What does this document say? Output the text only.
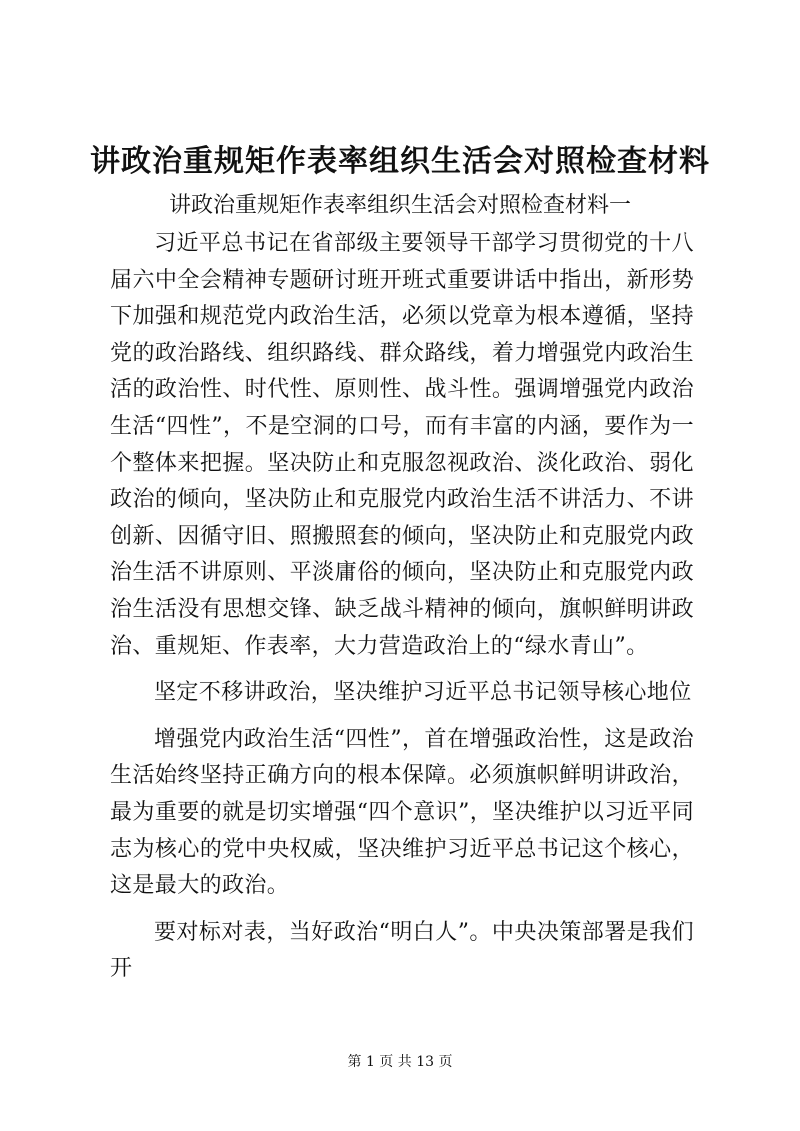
讲政治重规矩作表率组织生活会对照检查材料

讲政治重规矩作表率组织生活会对照检查材料一

习近平总书记在省部级主要领导干部学习贯彻党的十八届六中全会精神专题研讨班开班式重要讲话中指出，新形势下加强和规范党内政治生活，必须以党章为根本遵循，坚持党的政治路线、组织路线、群众路线，着力增强党内政治生活的政治性、时代性、原则性、战斗性。强调增强党内政治生活“四性”，不是空洞的口号，而有丰富的内涵，要作为一个整体来把握。坚决防止和克服忽视政治、淡化政治、弱化政治的倾向，坚决防止和克服党内政治生活不讲活力、不讲创新、因循守旧、照搬照套的倾向，坚决防止和克服党内政治生活不讲原则、平淡庸俗的倾向，坚决防止和克服党内政治生活没有思想交锋、缺乏战斗精神的倾向，旗帜鲜明讲政治、重规矩、作表率，大力营造政治上的“绿水青山”。

坚定不移讲政治，坚决维护习近平总书记领导核心地位

增强党内政治生活“四性”，首在增强政治性，这是政治生活始终坚持正确方向的根本保障。必须旗帜鲜明讲政治，最为重要的就是切实增强“四个意识”，坚决维护以习近平同志为核心的党中央权威，坚决维护习近平总书记这个核心，这是最大的政治。

要对标对表，当好政治“明白人”。中央决策部署是我们开

第 1 页 共 13 页
